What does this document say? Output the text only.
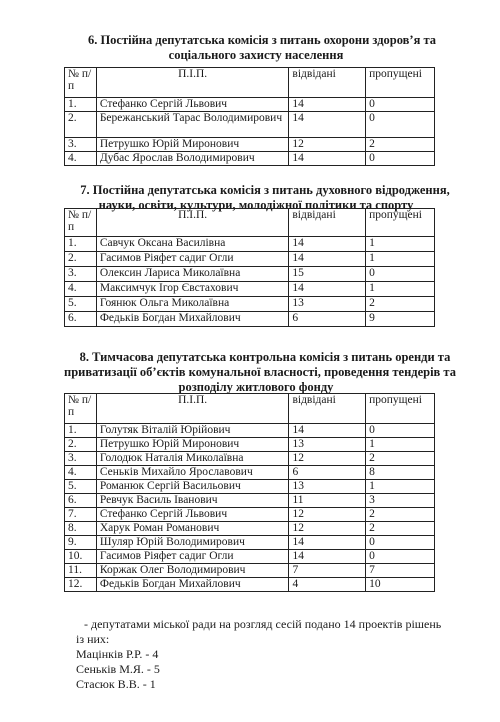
6. Постійна депутатська комісія з питань охорони здоров’я та
соціального захисту населення
№ п/п	П.І.П.	відвідані	пропущені
1.	Стефанко Сергій Львович	14	0
2.	Бережанський Тарас Володимирович	14	0
3.	Петрушко Юрій Миронович	12	2
4.	Дубас Ярослав Володимирович	14	0
7. Постійна депутатська комісія з питань духовного відродження,
науки, освіти, культури, молодіжної політики та спорту
№ п/п	П.І.П.	відвідані	пропущені
1.	Савчук Оксана Василівна	14	1
2.	Гасимов Ріяфет садиг Огли	14	1
3.	Олексин Лариса Миколаївна	15	0
4.	Максимчук Ігор Євстахович	14	1
5.	Гоянюк Ольга Миколаївна	13	2
6.	Федьків Богдан Михайлович	6	9
8. Тимчасова депутатська контрольна комісія з питань оренди та
приватизації об’єктів комунальної власності, проведення тендерів та
розподілу житлового фонду
№ п/п	П.І.П.	відвідані	пропущені
1.	Голутяк Віталій Юрійович	14	0
2.	Петрушко Юрій Миронович	13	1
3.	Голодюк Наталія Миколаївна	12	2
4.	Сеньків Михайло Ярославович	6	8
5.	Романюк Сергій Васильович	13	1
6.	Ревчук Василь Іванович	11	3
7.	Стефанко Сергій Львович	12	2
8.	Харук Роман Романович	12	2
9.	Шуляр Юрій Володимирович	14	0
10.	Гасимов Ріяфет садиг Огли	14	0
11.	Коржак Олег Володимирович	7	7
12.	Федьків Богдан Михайлович	4	10
- депутатами міської ради на розгляд сесій подано 14 проектів рішень
із них:
Мацінків Р.Р. - 4
Сеньків М.Я. - 5
Стасюк В.В. - 1
